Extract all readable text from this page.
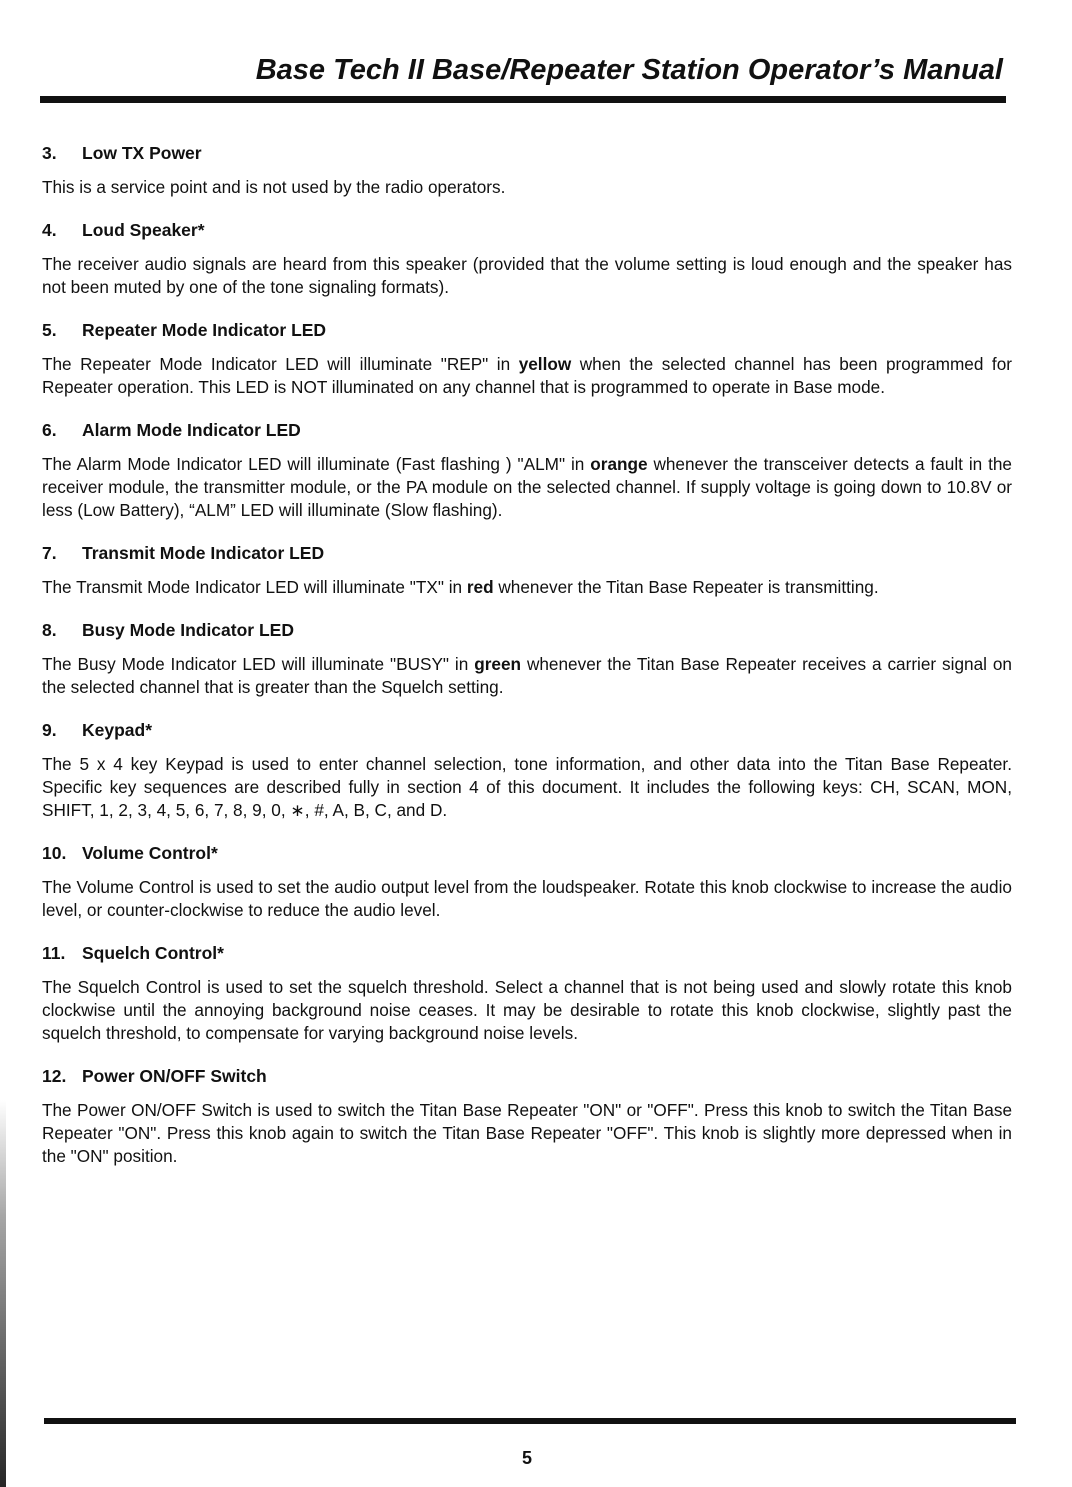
Base Tech II Base/Repeater Station Operator’s Manual
3. Low TX Power
This is a service point and is not used by the radio operators.
4. Loud Speaker*
The receiver audio signals are heard from this speaker (provided that the volume setting is loud enough and the speaker has not been muted by one of the tone signaling formats).
5. Repeater Mode Indicator LED
The Repeater Mode Indicator LED will illuminate "REP" in yellow when the selected channel has been programmed for Repeater operation. This LED is NOT illuminated on any channel that is programmed to operate in Base mode.
6. Alarm Mode Indicator LED
The Alarm Mode Indicator LED will illuminate (Fast flashing ) "ALM" in orange whenever the transceiver detects a fault in the receiver module, the transmitter module, or the PA module on the selected channel. If supply voltage is going down to 10.8V or less (Low Battery), “ALM” LED will illuminate (Slow flashing).
7. Transmit Mode Indicator LED
The Transmit Mode Indicator LED will illuminate "TX" in red whenever the Titan Base Repeater is transmitting.
8. Busy Mode Indicator LED
The Busy Mode Indicator LED will illuminate "BUSY" in green whenever the Titan Base Repeater receives a carrier signal on the selected channel that is greater than the Squelch setting.
9. Keypad*
The 5 x 4 key Keypad is used to enter channel selection, tone information, and other data into the Titan Base Repeater. Specific key sequences are described fully in section 4 of this document. It includes the following keys: CH, SCAN, MON, SHIFT, 1, 2, 3, 4, 5, 6, 7, 8, 9, 0, ∗, #, A, B, C, and D.
10. Volume Control*
The Volume Control is used to set the audio output level from the loudspeaker. Rotate this knob clockwise to increase the audio level, or counter-clockwise to reduce the audio level.
11. Squelch Control*
The Squelch Control is used to set the squelch threshold. Select a channel that is not being used and slowly rotate this knob clockwise until the annoying background noise ceases. It may be desirable to rotate this knob clockwise, slightly past the squelch threshold, to compensate for varying background noise levels.
12. Power ON/OFF Switch
The Power ON/OFF Switch is used to switch the Titan Base Repeater "ON" or "OFF". Press this knob to switch the Titan Base Repeater "ON". Press this knob again to switch the Titan Base Repeater "OFF". This knob is slightly more depressed when in the "ON" position.
5
